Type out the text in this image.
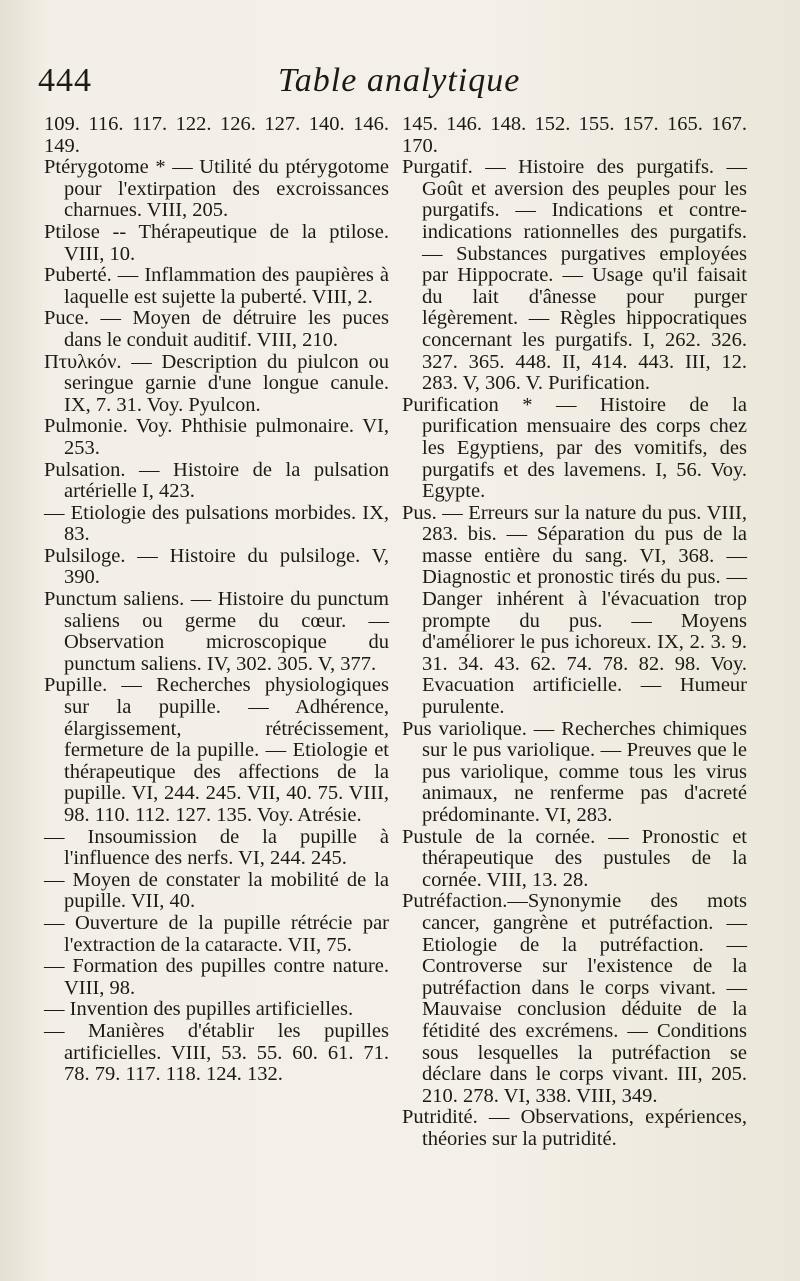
444	Table analytique

109. 116. 117. 122. 126. 127. 140. 146. 149.

Ptérygotome * — Utilité du ptérygotome pour l'extirpation des excroissances charnues. VIII, 205.

Ptilose -- Thérapeutique de la ptilose. VIII, 10.

Puberté. — Inflammation des paupières à laquelle est sujette la puberté. VIII, 2.

Puce. — Moyen de détruire les puces dans le conduit auditif. VIII, 210.

Πτυλκόν. — Description du piulcon ou seringue garnie d'une longue canule. IX, 7. 31. Voy. Pyulcon.

Pulmonie. Voy. Phthisie pulmonaire. VI, 253.

Pulsation. — Histoire de la pulsation artérielle I, 423.

— Etiologie des pulsations morbides. IX, 83.

Pulsiloge. — Histoire du pulsiloge. V, 390.

Punctum saliens. — Histoire du punctum saliens ou germe du cœur. — Observation microscopique du punctum saliens. IV, 302. 305. V, 377.

Pupille. — Recherches physiologiques sur la pupille. — Adhérence, élargissement, rétrécissement, fermeture de la pupille. — Etiologie et thérapeutique des affections de la pupille. VI, 244. 245. VII, 40. 75. VIII, 98. 110. 112. 127. 135. Voy. Atrésie.

— Insoumission de la pupille à l'influence des nerfs. VI, 244. 245.

— Moyen de constater la mobilité de la pupille. VII, 40.

— Ouverture de la pupille rétrécie par l'extraction de la cataracte. VII, 75.

— Formation des pupilles contre nature. VIII, 98.

— Invention des pupilles artificielles.

— Manières d'établir les pupilles artificielles. VIII, 53. 55. 60. 61. 71. 78. 79. 117. 118. 124. 132.

145. 146. 148. 152. 155. 157. 165. 167. 170.

Purgatif. — Histoire des purgatifs. — Goût et aversion des peuples pour les purgatifs. — Indications et contre-indications rationnelles des purgatifs. — Substances purgatives employées par Hippocrate. — Usage qu'il faisait du lait d'ânesse pour purger légèrement. — Règles hippocratiques concernant les purgatifs. I, 262. 326. 327. 365. 448. II, 414. 443. III, 12. 283. V, 306. V. Purification.

Purification * — Histoire de la purification mensuaire des corps chez les Egyptiens, par des vomitifs, des purgatifs et des lavemens. I, 56. Voy. Egypte.

Pus. — Erreurs sur la nature du pus. VIII, 283. bis. — Séparation du pus de la masse entière du sang. VI, 368. — Diagnostic et pronostic tirés du pus. — Danger inhérent à l'évacuation trop prompte du pus. — Moyens d'améliorer le pus ichoreux. IX, 2. 3. 9. 31. 34. 43. 62. 74. 78. 82. 98. Voy. Evacuation artificielle. — Humeur purulente.

Pus variolique. — Recherches chimiques sur le pus variolique. — Preuves que le pus variolique, comme tous les virus animaux, ne renferme pas d'acreté prédominante. VI, 283.

Pustule de la cornée. — Pronostic et thérapeutique des pustules de la cornée. VIII, 13. 28.

Putréfaction.—Synonymie des mots cancer, gangrène et putréfaction. — Etiologie de la putréfaction. — Controverse sur l'existence de la putréfaction dans le corps vivant. — Mauvaise conclusion déduite de la fétidité des excrémens. — Conditions sous lesquelles la putréfaction se déclare dans le corps vivant. III, 205. 210. 278. VI, 338. VIII, 349.

Putridité. — Observations, expériences, théories sur la putridité.
